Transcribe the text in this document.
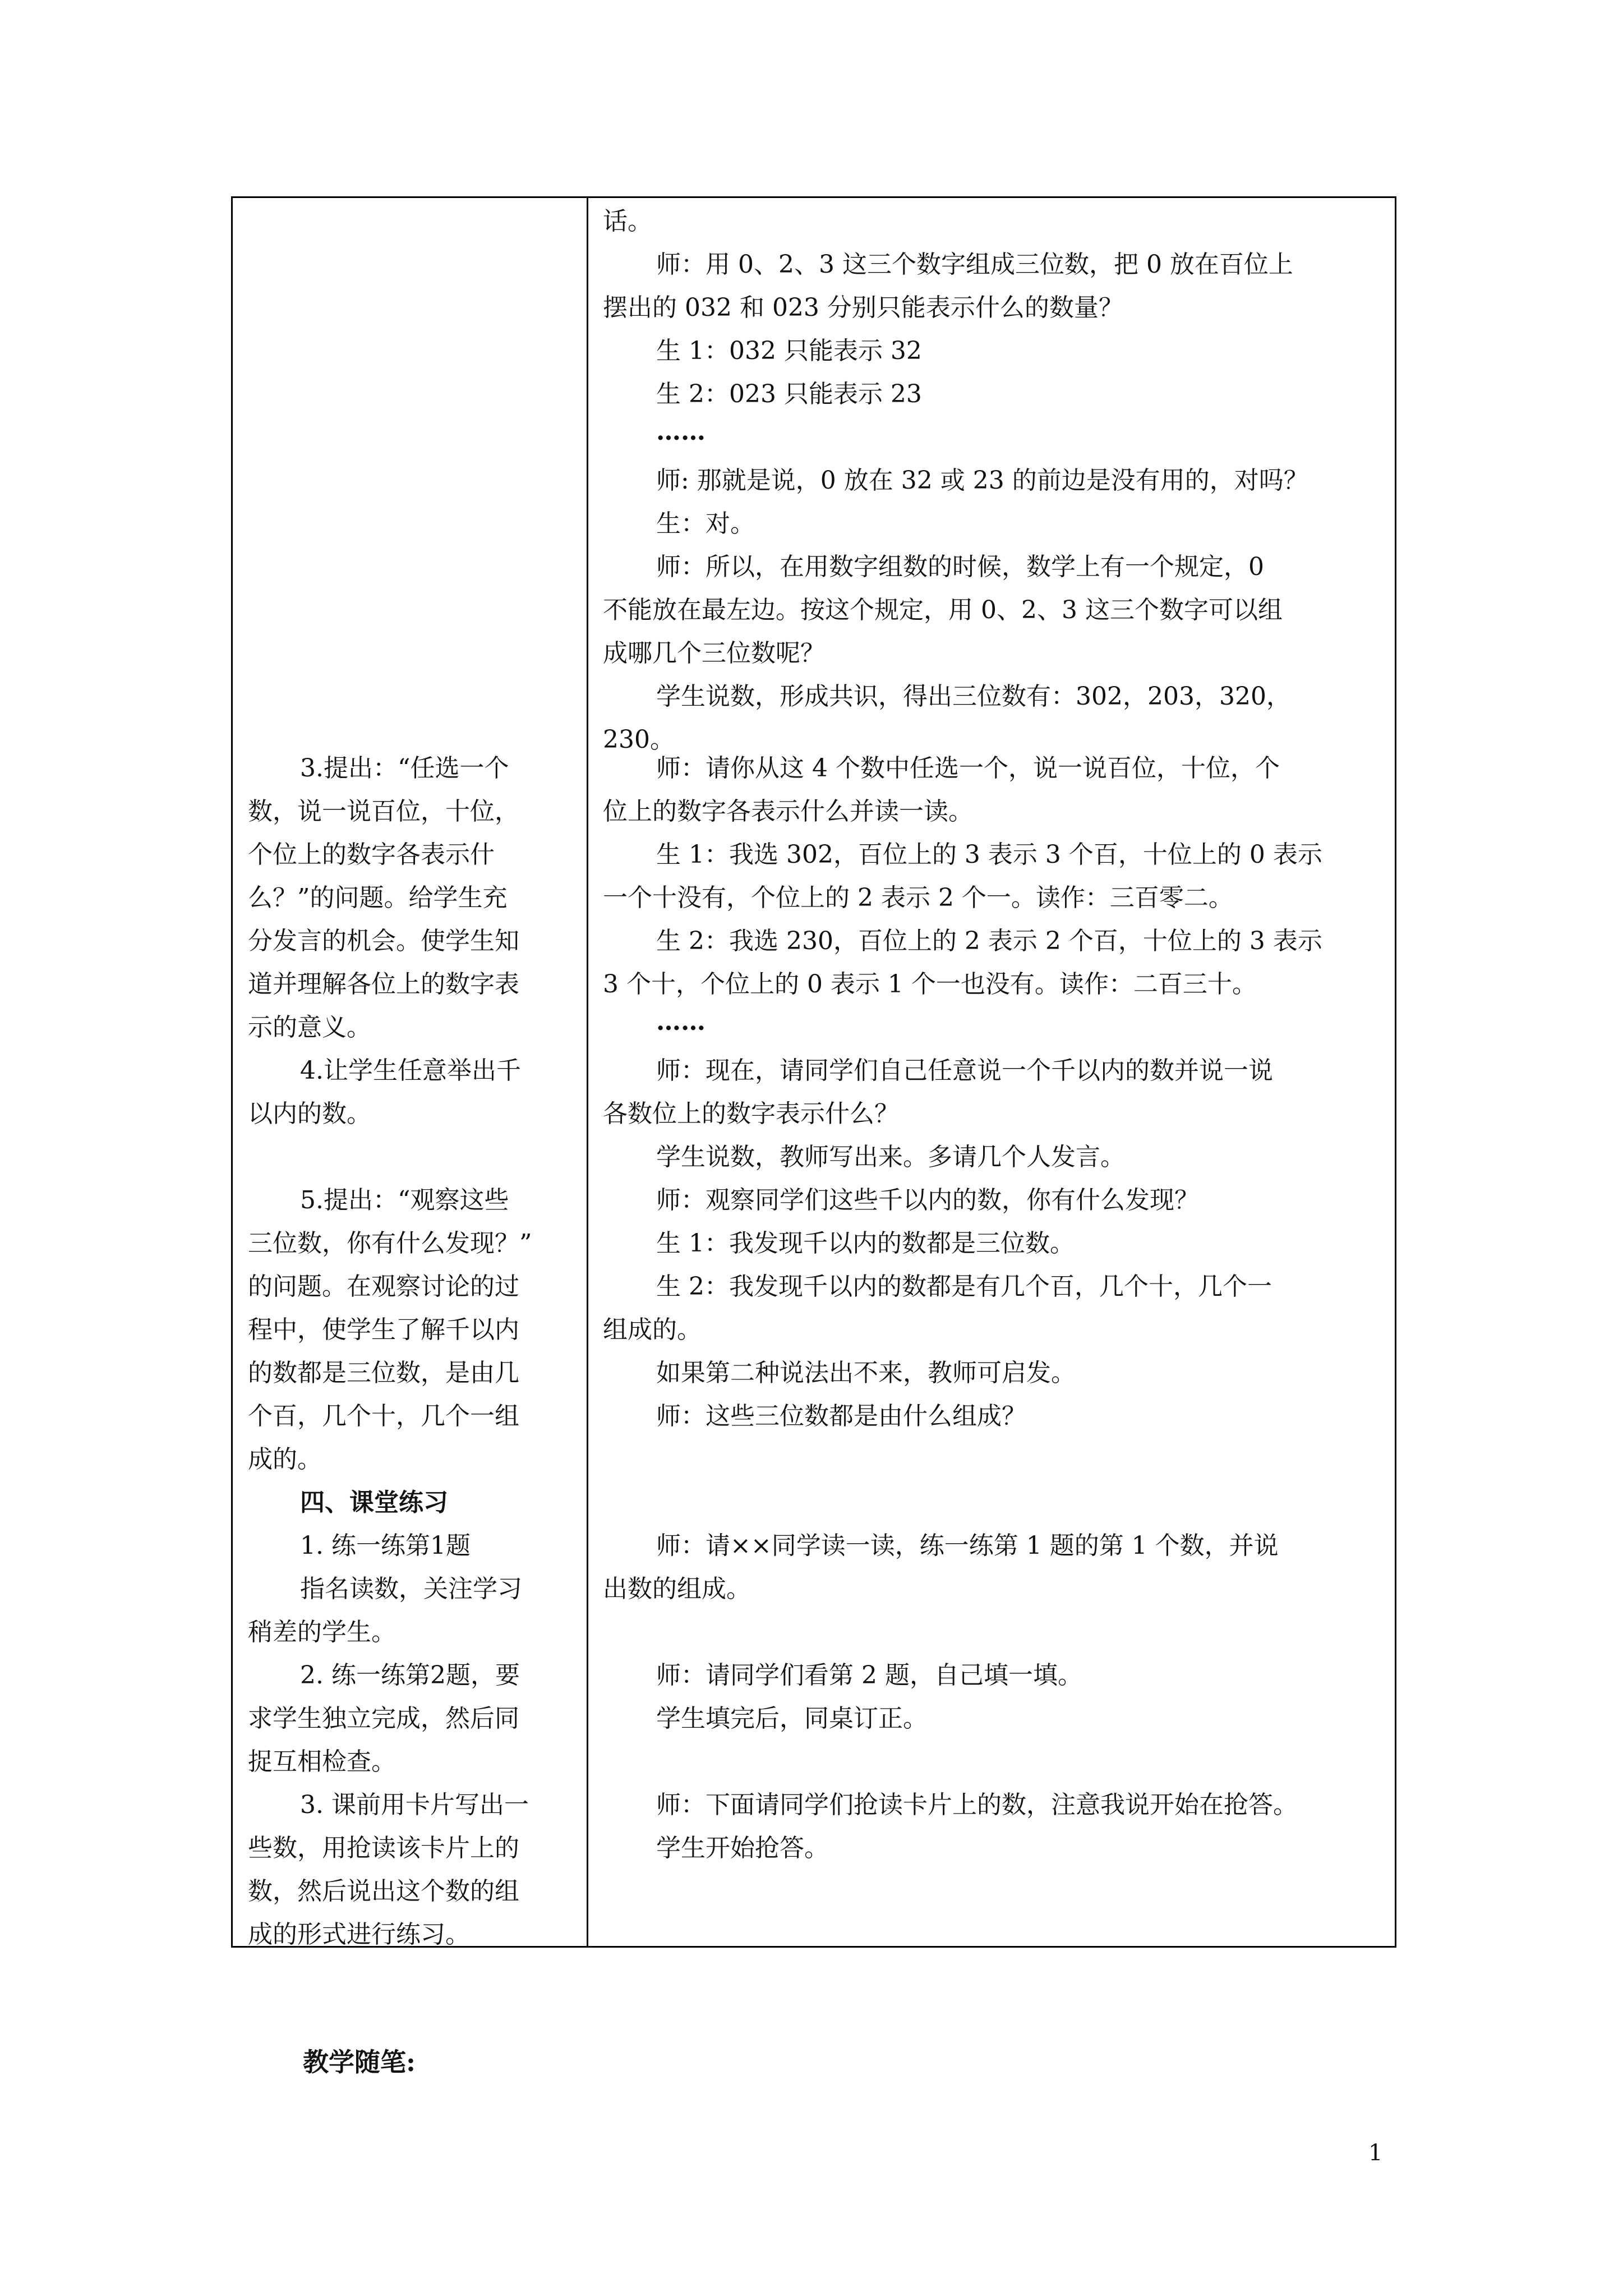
3.提出：“任选一个
数，说一说百位，十位，
个位上的数字各表示什
么？”的问题。给学生充
分发言的机会。使学生知
道并理解各位上的数字表
示的意义。
4.让学生任意举出千
以内的数。
5.提出：“观察这些
三位数，你有什么发现？”
的问题。在观察讨论的过
程中，使学生了解千以内
的数都是三位数，是由几
个百，几个十，几个一组
成的。
四、课堂练习
1. 练一练第1题
指名读数，关注学习
稍差的学生。
2. 练一练第2题，要
求学生独立完成，然后同
捉互相检查。
3. 课前用卡片写出一
些数，用抢读该卡片上的
数，然后说出这个数的组
成的形式进行练习。
话。
师：用 0、2、3 这三个数字组成三位数，把 0 放在百位上
摆出的 032 和 023 分别只能表示什么的数量？
生 1：032 只能表示 32
生 2：023 只能表示 23
……
师: 那就是说，0 放在 32 或 23 的前边是没有用的，对吗？
生：对。
师：所以，在用数字组数的时候，数学上有一个规定，0
不能放在最左边。按这个规定，用 0、2、3 这三个数字可以组
成哪几个三位数呢？
学生说数，形成共识，得出三位数有：302，203，320，
230。
师：请你从这 4 个数中任选一个，说一说百位，十位，个
位上的数字各表示什么并读一读。
生 1：我选 302，百位上的 3 表示 3 个百，十位上的 0 表示
一个十没有，个位上的 2 表示 2 个一。读作：三百零二。
生 2：我选 230，百位上的 2 表示 2 个百，十位上的 3 表示
3 个十，个位上的 0 表示 1 个一也没有。读作：二百三十。
……
师：现在，请同学们自己任意说一个千以内的数并说一说
各数位上的数字表示什么？
学生说数，教师写出来。多请几个人发言。
师：观察同学们这些千以内的数，你有什么发现？
生 1：我发现千以内的数都是三位数。
生 2：我发现千以内的数都是有几个百，几个十，几个一
组成的。
如果第二种说法出不来，教师可启发。
师：这些三位数都是由什么组成？
师：请××同学读一读，练一练第 1 题的第 1 个数，并说
出数的组成。
师：请同学们看第 2 题，自己填一填。
学生填完后，同桌订正。
师：下面请同学们抢读卡片上的数，注意我说开始在抢答。
学生开始抢答。
教学随笔:
1
